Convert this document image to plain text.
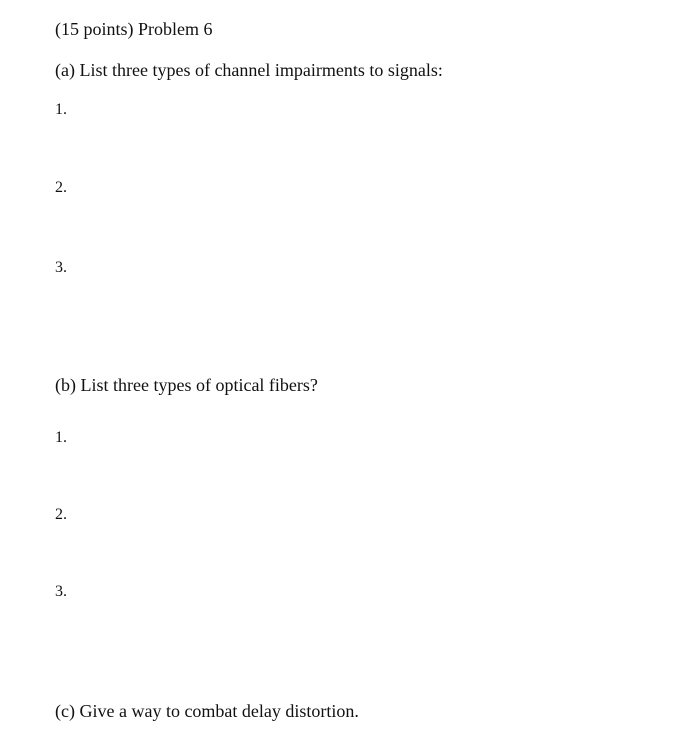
(15 points) Problem 6
(a) List three types of channel impairments to signals:
1.
2.
3.
(b) List three types of optical fibers?
1.
2.
3.
(c) Give a way to combat delay distortion.
